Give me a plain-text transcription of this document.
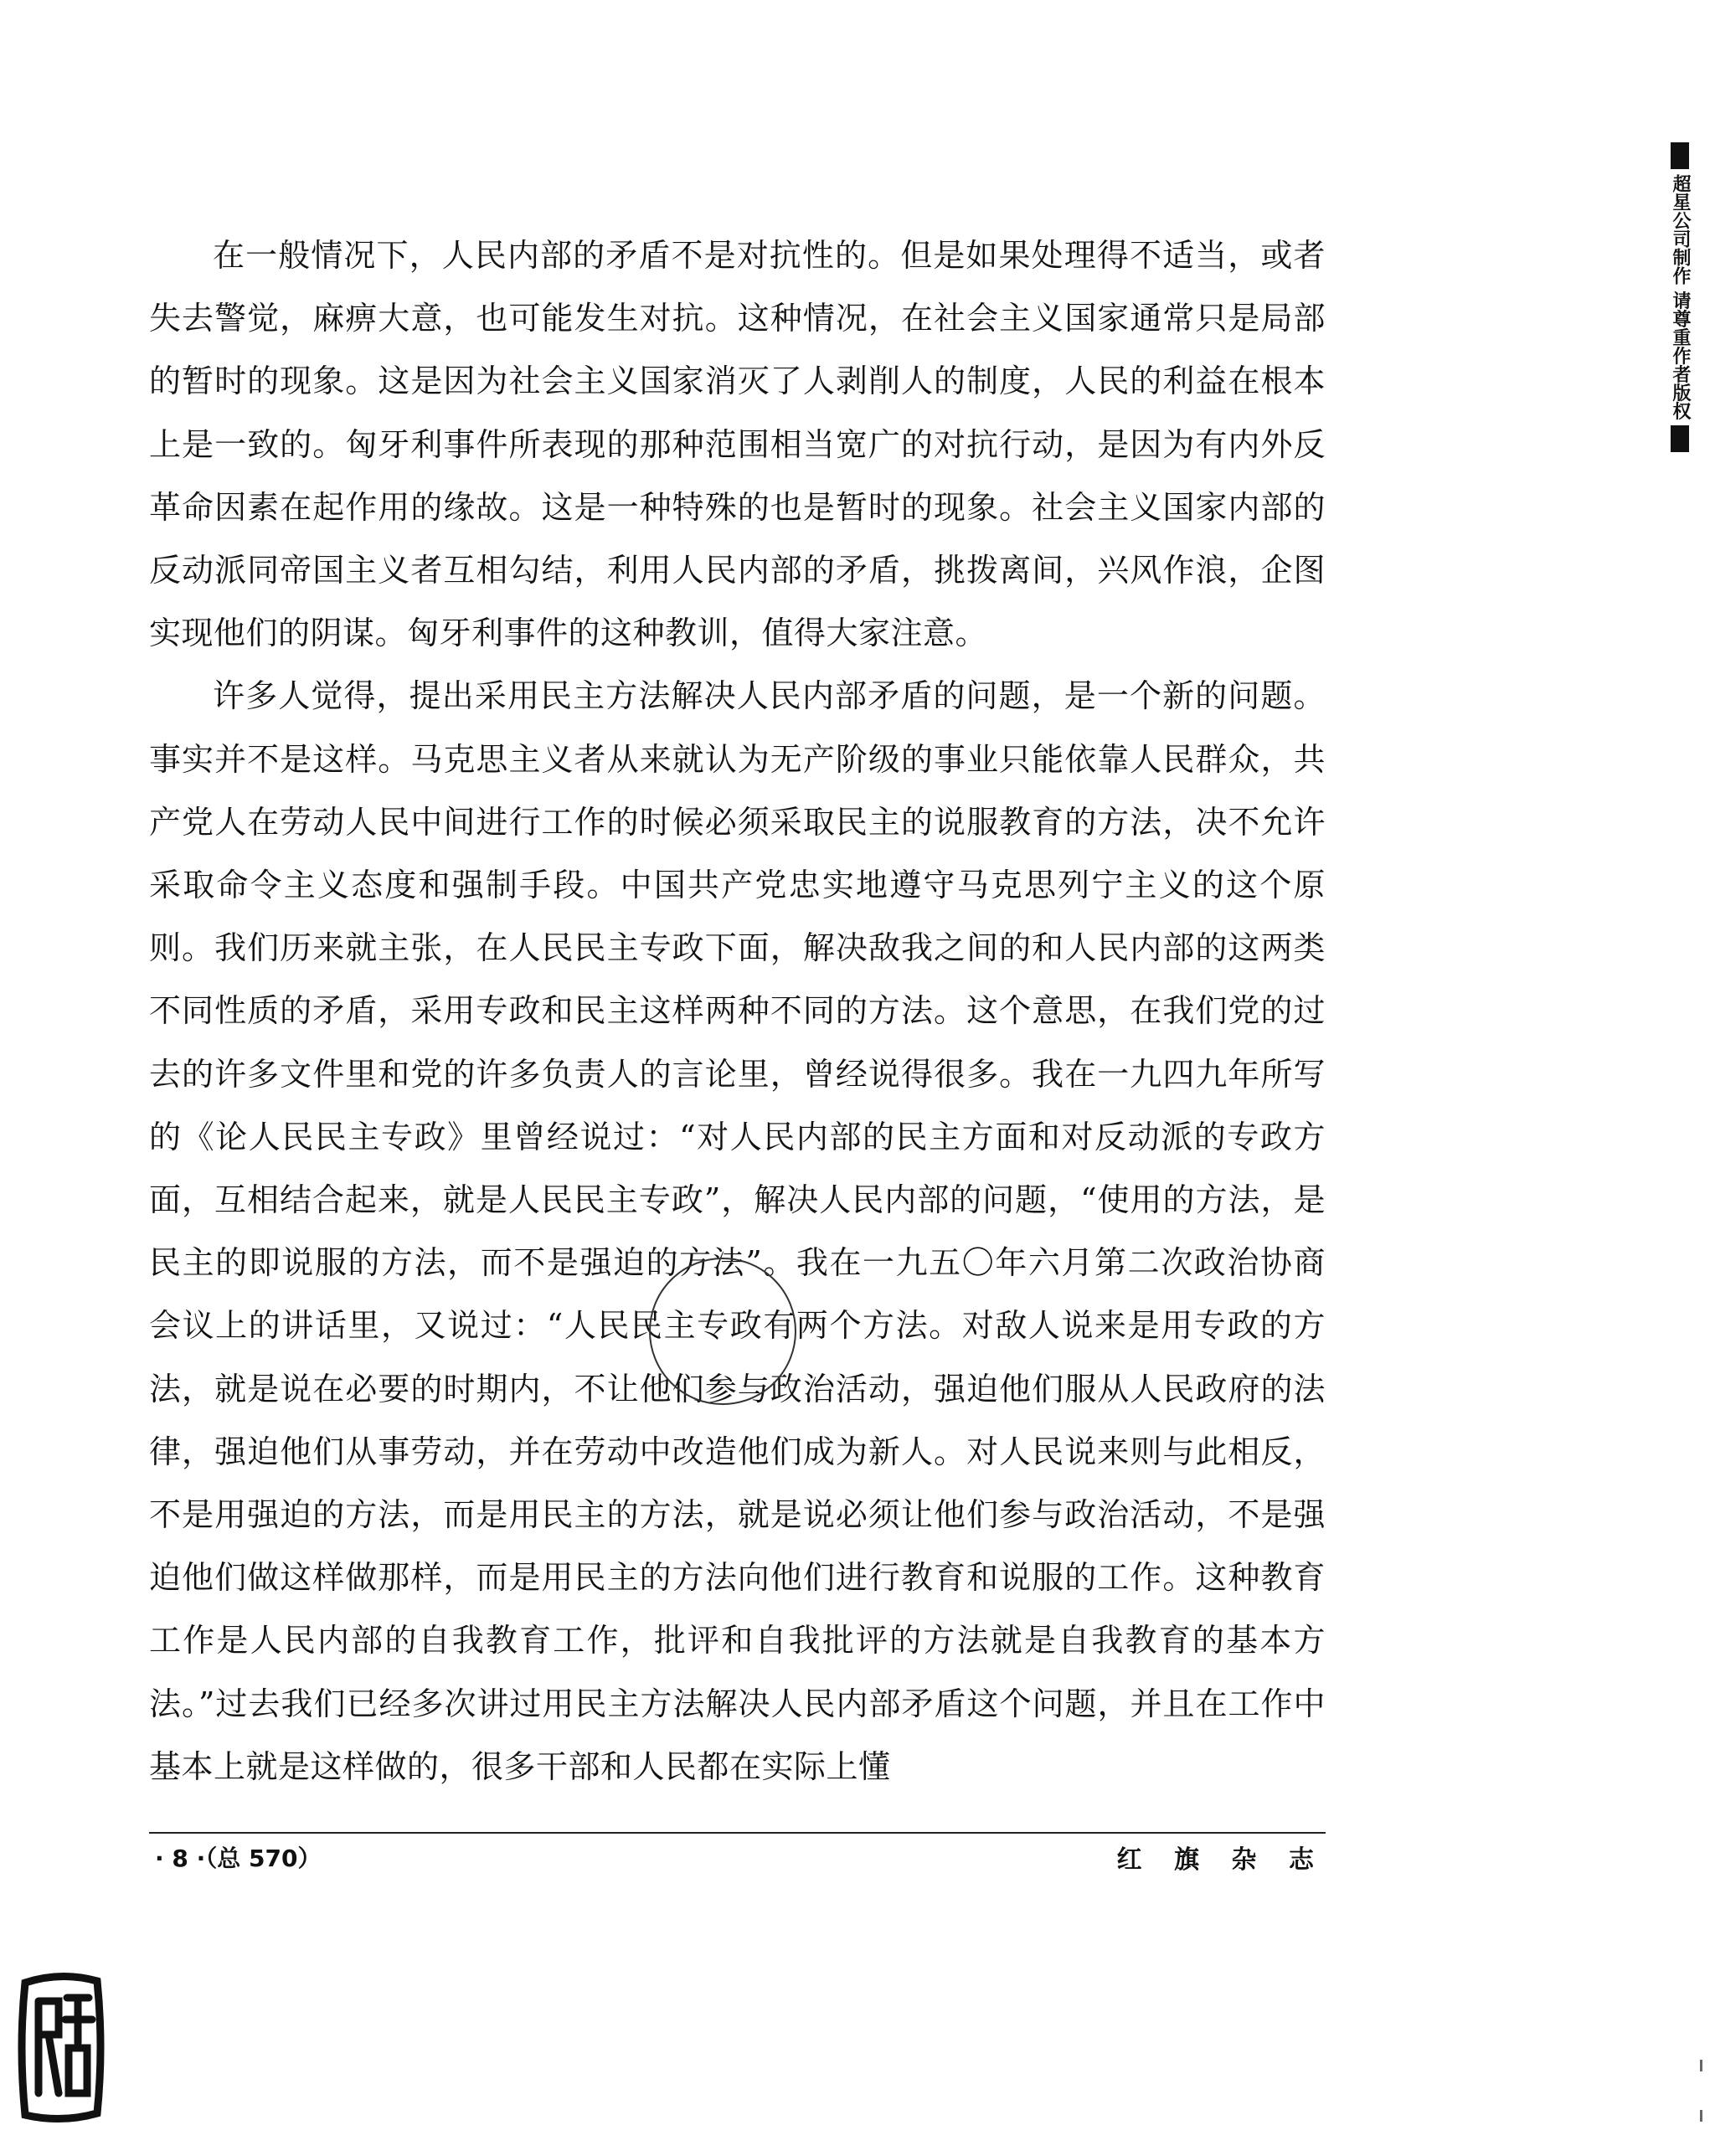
超星公司制作 请尊重作者版权

在一般情况下，人民内部的矛盾不是对抗性的。但是如果处理得不适当，或者失去警觉，麻痹大意，也可能发生对抗。这种情况，在社会主义国家通常只是局部的暂时的现象。这是因为社会主义国家消灭了人剥削人的制度，人民的利益在根本上是一致的。匈牙利事件所表现的那种范围相当宽广的对抗行动，是因为有内外反革命因素在起作用的缘故。这是一种特殊的也是暂时的现象。社会主义国家内部的反动派同帝国主义者互相勾结，利用人民内部的矛盾，挑拨离间，兴风作浪，企图实现他们的阴谋。匈牙利事件的这种教训，值得大家注意。

许多人觉得，提出采用民主方法解决人民内部矛盾的问题，是一个新的问题。事实并不是这样。马克思主义者从来就认为无产阶级的事业只能依靠人民群众，共产党人在劳动人民中间进行工作的时候必须采取民主的说服教育的方法，决不允许采取命令主义态度和强制手段。中国共产党忠实地遵守马克思列宁主义的这个原则。我们历来就主张，在人民民主专政下面，解决敌我之间的和人民内部的这两类不同性质的矛盾，采用专政和民主这样两种不同的方法。这个意思，在我们党的过去的许多文件里和党的许多负责人的言论里，曾经说得很多。我在一九四九年所写的《论人民民主专政》里曾经说过：“对人民内部的民主方面和对反动派的专政方面，互相结合起来，就是人民民主专政”，解决人民内部的问题，“使用的方法，是民主的即说服的方法，而不是强迫的方法”。我在一九五〇年六月第二次政治协商会议上的讲话里，又说过：“人民民主专政有两个方法。对敌人说来是用专政的方法，就是说在必要的时期内，不让他们参与政治活动，强迫他们服从人民政府的法律，强迫他们从事劳动，并在劳动中改造他们成为新人。对人民说来则与此相反，不是用强迫的方法，而是用民主的方法，就是说必须让他们参与政治活动，不是强迫他们做这样做那样，而是用民主的方法向他们进行教育和说服的工作。这种教育工作是人民内部的自我教育工作，批评和自我批评的方法就是自我教育的基本方法。”过去我们已经多次讲过用民主方法解决人民内部矛盾这个问题，并且在工作中基本上就是这样做的，很多干部和人民都在实际上懂

· 8 ·（总 570）	红 旗 杂 志
